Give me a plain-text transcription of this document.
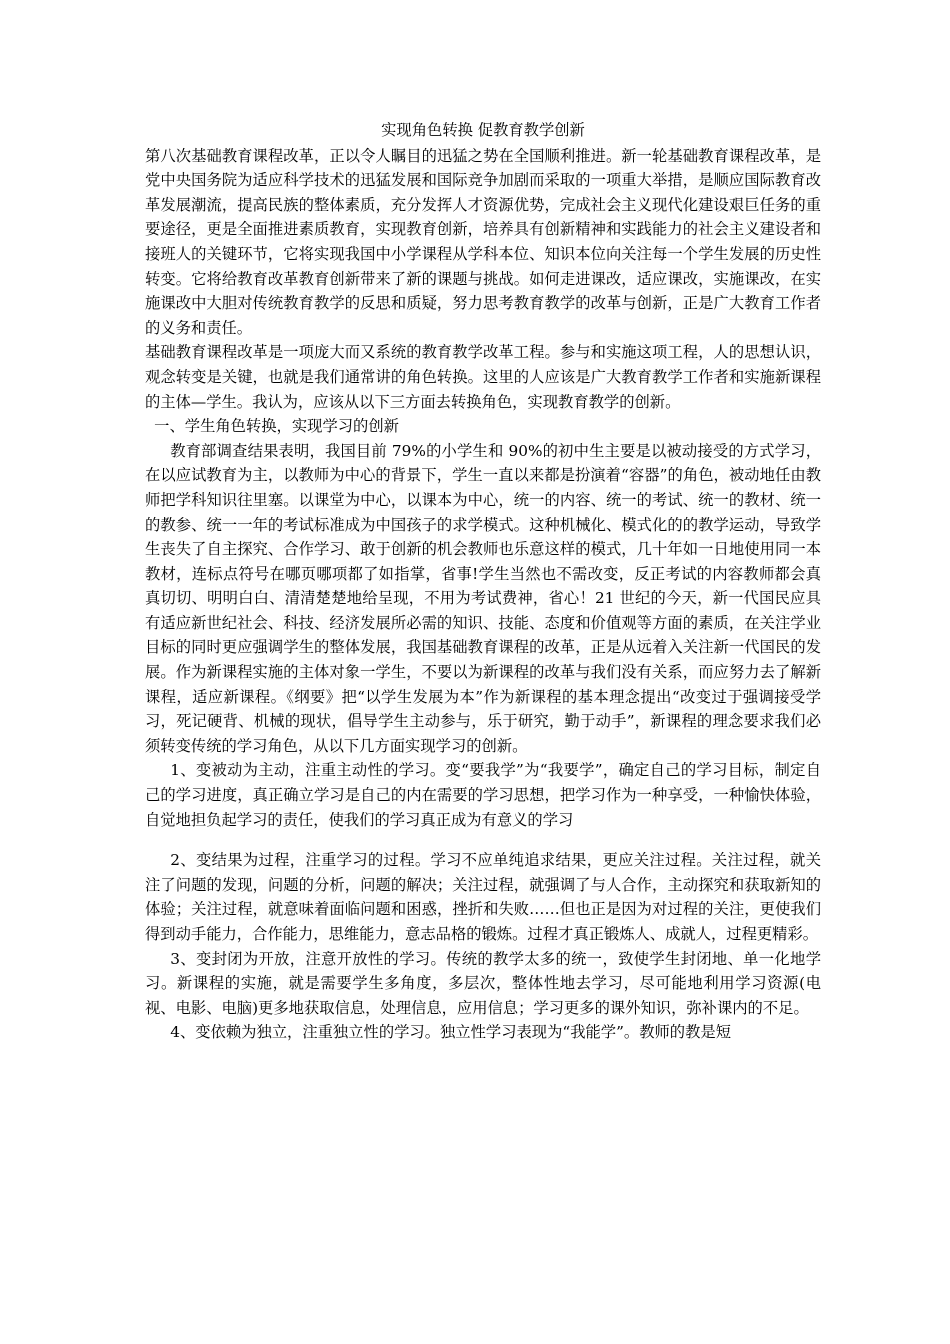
实现角色转换 促教育教学创新

第八次基础教育课程改革，正以令人瞩目的迅猛之势在全国顺利推进。新一轮基础教育课程改革，是党中央国务院为适应科学技术的迅猛发展和国际竞争加剧而采取的一项重大举措，是顺应国际教育改革发展潮流，提高民族的整体素质，充分发挥人才资源优势，完成社会主义现代化建设艰巨任务的重要途径，更是全面推进素质教育，实现教育创新，培养具有创新精神和实践能力的社会主义建设者和接班人的关键环节，它将实现我国中小学课程从学科本位、知识本位向关注每一个学生发展的历史性转变。它将给教育改革教育创新带来了新的课题与挑战。如何走进课改，适应课改，实施课改，在实施课改中大胆对传统教育教学的反思和质疑，努力思考教育教学的改革与创新，正是广大教育工作者的义务和责任。

基础教育课程改革是一项庞大而又系统的教育教学改革工程。参与和实施这项工程，人的思想认识，观念转变是关键，也就是我们通常讲的角色转换。这里的人应该是广大教育教学工作者和实施新课程的主体—学生。我认为，应该从以下三方面去转换角色，实现教育教学的创新。

一、学生角色转换，实现学习的创新

教育部调查结果表明，我国目前 79%的小学生和 90%的初中生主要是以被动接受的方式学习，在以应试教育为主，以教师为中心的背景下，学生一直以来都是扮演着“容器”的角色，被动地任由教师把学科知识往里塞。以课堂为中心，以课本为中心，统一的内容、统一的考试、统一的教材、统一的教参、统一一年的考试标准成为中国孩子的求学模式。这种机械化、模式化的的教学运动，导致学生丧失了自主探究、合作学习、敢于创新的机会教师也乐意这样的模式，几十年如一日地使用同一本教材，连标点符号在哪页哪项都了如指掌，省事!学生当然也不需改变，反正考试的内容教师都会真真切切、明明白白、清清楚楚地给呈现，不用为考试费神，省心！21 世纪的今天，新一代国民应具有适应新世纪社会、科技、经济发展所必需的知识、技能、态度和价值观等方面的素质，在关注学业目标的同时更应强调学生的整体发展，我国基础教育课程的改革，正是从远着入关注新一代国民的发展。作为新课程实施的主体对象一学生，不要以为新课程的改革与我们没有关系，而应努力去了解新课程，适应新课程。《纲要》把“以学生发展为本”作为新课程的基本理念提出“改变过于强调接受学习，死记硬背、机械的现状，倡导学生主动参与，乐于研究，勤于动手”，新课程的理念要求我们必须转变传统的学习角色，从以下几方面实现学习的创新。

1、变被动为主动，注重主动性的学习。变“要我学”为“我要学”，确定自己的学习目标，制定自己的学习进度，真正确立学习是自己的内在需要的学习思想，把学习作为一种享受，一种愉快体验，自觉地担负起学习的责任，使我们的学习真正成为有意义的学习

2、变结果为过程，注重学习的过程。学习不应单纯追求结果，更应关注过程。关注过程，就关注了问题的发现，问题的分析，问题的解决；关注过程，就强调了与人合作，主动探究和获取新知的体验；关注过程，就意味着面临问题和困惑，挫折和失败……但也正是因为对过程的关注，更使我们得到动手能力，合作能力，思维能力，意志品格的锻炼。过程才真正锻炼人、成就人，过程更精彩。

3、变封闭为开放，注意开放性的学习。传统的教学太多的统一，致使学生封闭地、单一化地学习。新课程的实施，就是需要学生多角度，多层次，整体性地去学习，尽可能地利用学习资源(电视、电影、电脑)更多地获取信息，处理信息，应用信息；学习更多的课外知识，弥补课内的不足。

4、变依赖为独立，注重独立性的学习。独立性学习表现为“我能学”。教师的教是短
